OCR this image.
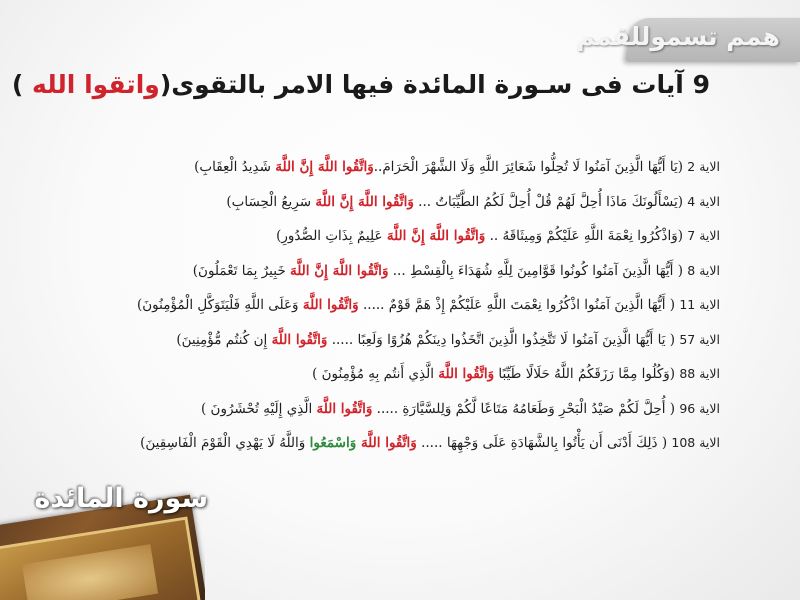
همم تسموللقمم
9 آيات فى سـورة المائدة فيها الامر بالتقوى(واتقوا الله )
الاية 2 (يَا أَيُّهَا الَّذِينَ آمَنُوا لَا تُحِلُّوا شَعَائِرَ اللَّهِ وَلَا الشَّهْرَ الْحَرَامَ..وَاتَّقُوا اللَّهَ إِنَّ اللَّهَ شَدِيدُ الْعِقَابِ)
الاية 4 (يَسْأَلُونَكَ مَاذَا أُحِلَّ لَهُمْ قُلْ أُحِلَّ لَكُمُ الطَّيِّبَاتُ ... وَاتَّقُوا اللَّهَ إِنَّ اللَّهَ سَرِيعُ الْحِسَابِ)
الاية 7 (وَاذْكُرُوا نِعْمَةَ اللَّهِ عَلَيْكُمْ وَمِيثَاقَهُ .. وَاتَّقُوا اللَّهَ إِنَّ اللَّهَ عَلِيمٌ بِذَاتِ الصُّدُورِ)
الاية 8 ( أَيُّهَا الَّذِينَ آمَنُوا كُونُوا قَوَّامِينَ لِلَّهِ شُهَدَاءَ بِالْقِسْطِ ... وَاتَّقُوا اللَّهَ إِنَّ اللَّهَ خَبِيرٌ بِمَا تَعْمَلُونَ)
الاية 11 ( أَيُّهَا الَّذِينَ آمَنُوا اذْكُرُوا نِعْمَتَ اللَّهِ عَلَيْكُمْ إِذْ هَمَّ قَوْمٌ ..... وَاتَّقُوا اللَّهَ وَعَلَى اللَّهِ فَلْيَتَوَكَّلِ الْمُؤْمِنُونَ)
الاية 57 ( يَا أَيُّهَا الَّذِينَ آمَنُوا لَا تَتَّخِذُوا الَّذِينَ اتَّخَذُوا دِينَكُمْ هُزُوًا وَلَعِبًا ..... وَاتَّقُوا اللَّهَ إِن كُنتُم مُّؤْمِنِينَ)
الاية 88 (وَكُلُوا مِمَّا رَزَقَكُمُ اللَّهُ حَلَالًا طَيِّبًا وَاتَّقُوا اللَّهَ الَّذِي أَنتُم بِهِ مُؤْمِنُونَ )
الاية 96 ( أُحِلَّ لَكُمْ صَيْدُ الْبَحْرِ وَطَعَامُهُ مَتَاعًا لَّكُمْ وَلِلسَّيَّارَةِ ..... وَاتَّقُوا اللَّهَ الَّذِي إِلَيْهِ تُحْشَرُونَ )
الاية 108 ( ذَلِكَ أَدْنَى أَن يَأْتُوا بِالشَّهَادَةِ عَلَى وَجْهِهَا ..... وَاتَّقُوا اللَّهَ وَاسْمَعُوا وَاللَّهُ لَا يَهْدِي الْقَوْمَ الْفَاسِقِينَ)
سورة المائدة
